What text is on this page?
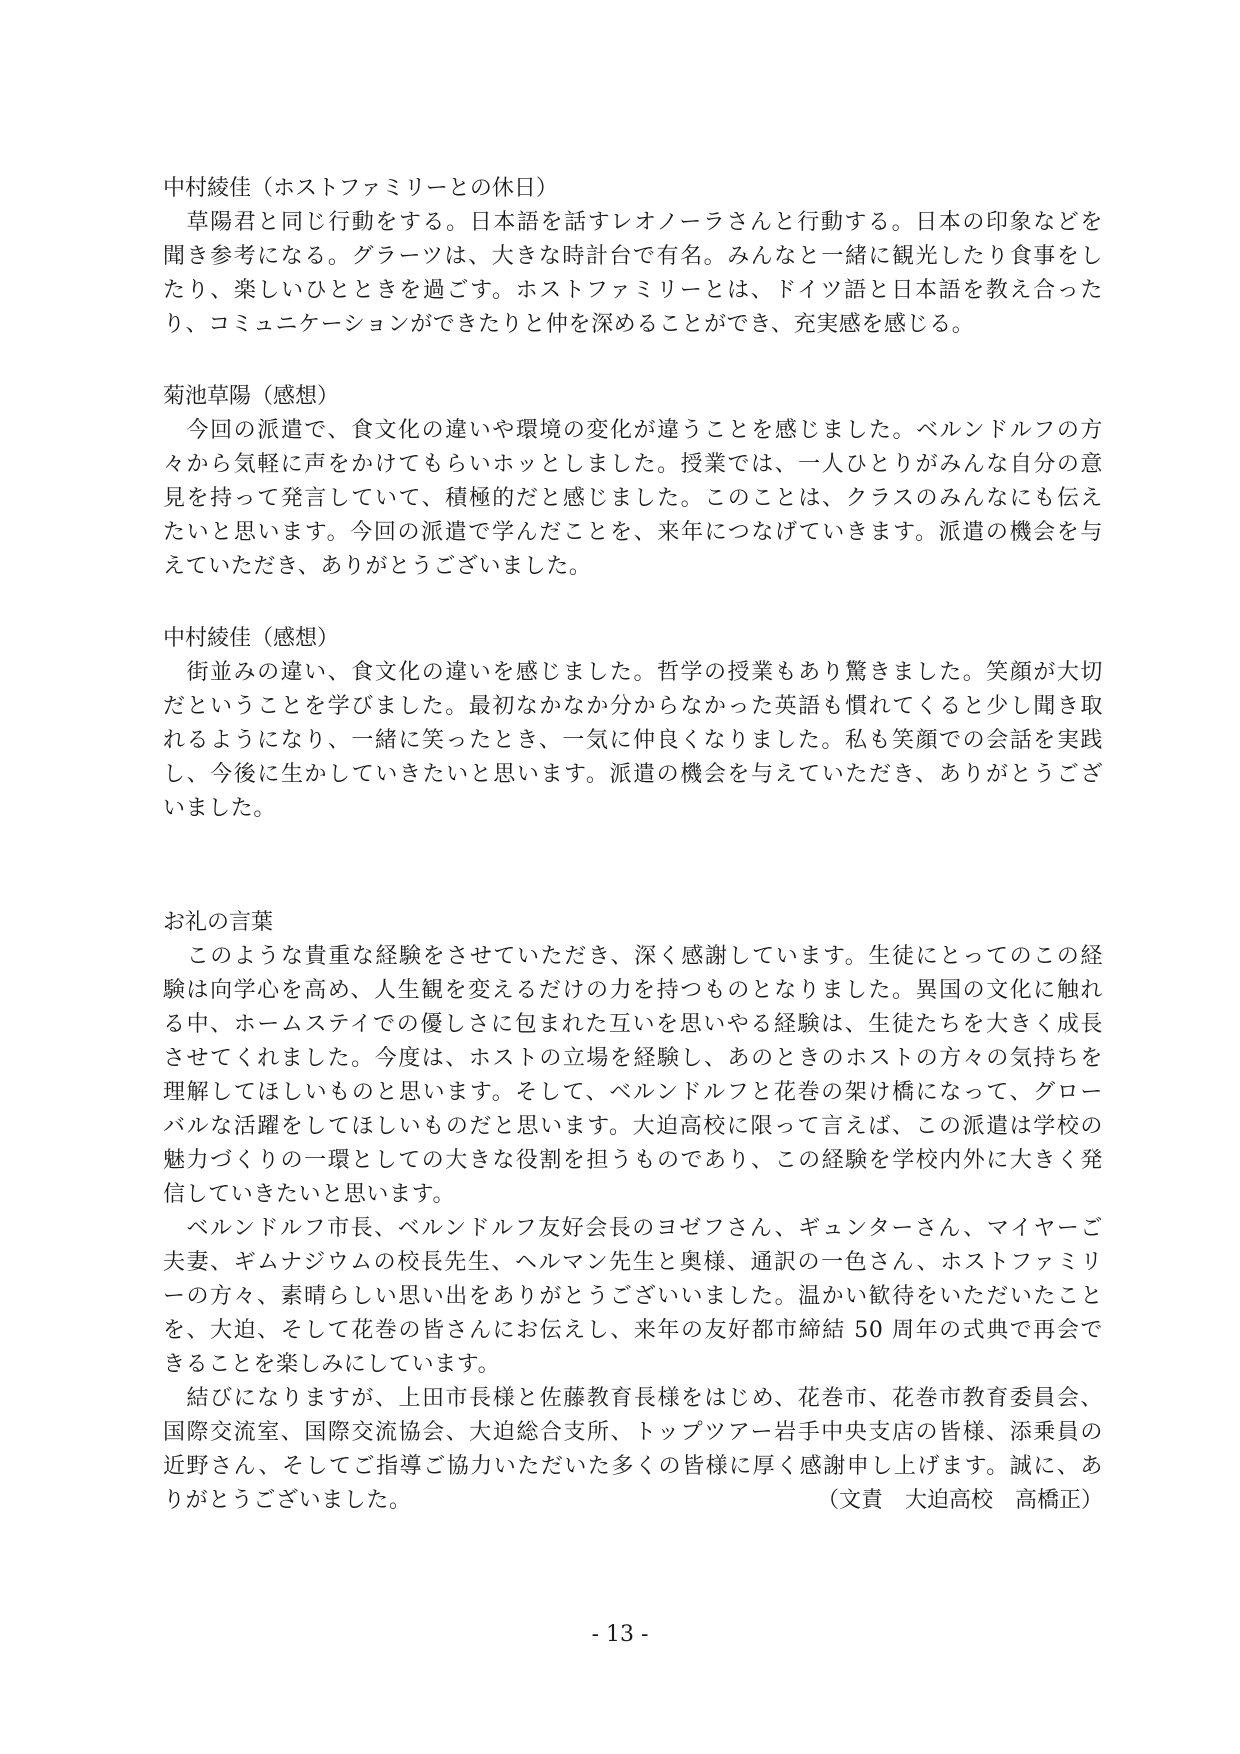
中村綾佳（ホストファミリーとの休日）

　草陽君と同じ行動をする。日本語を話すレオノーラさんと行動する。日本の印象などを

聞き参考になる。グラーツは、大きな時計台で有名。みんなと一緒に観光したり食事をし

たり、楽しいひとときを過ごす。ホストファミリーとは、ドイツ語と日本語を教え合った

り、コミュニケーションができたりと仲を深めることができ、充実感を感じる。

菊池草陽（感想）

　今回の派遣で、食文化の違いや環境の変化が違うことを感じました。ベルンドルフの方

々から気軽に声をかけてもらいホッとしました。授業では、一人ひとりがみんな自分の意

見を持って発言していて、積極的だと感じました。このことは、クラスのみんなにも伝え

たいと思います。今回の派遣で学んだことを、来年につなげていきます。派遣の機会を与

えていただき、ありがとうございました。

中村綾佳（感想）

　街並みの違い、食文化の違いを感じました。哲学の授業もあり驚きました。笑顔が大切

だということを学びました。最初なかなか分からなかった英語も慣れてくると少し聞き取

れるようになり、一緒に笑ったとき、一気に仲良くなりました。私も笑顔での会話を実践

し、今後に生かしていきたいと思います。派遣の機会を与えていただき、ありがとうござ

いました。

お礼の言葉

　このような貴重な経験をさせていただき、深く感謝しています。生徒にとってのこの経

験は向学心を高め、人生観を変えるだけの力を持つものとなりました。異国の文化に触れ

る中、ホームステイでの優しさに包まれた互いを思いやる経験は、生徒たちを大きく成長

させてくれました。今度は、ホストの立場を経験し、あのときのホストの方々の気持ちを

理解してほしいものと思います。そして、ベルンドルフと花巻の架け橋になって、グロー

バルな活躍をしてほしいものだと思います。大迫高校に限って言えば、この派遣は学校の

魅力づくりの一環としての大きな役割を担うものであり、この経験を学校内外に大きく発

信していきたいと思います。

　ベルンドルフ市長、ベルンドルフ友好会長のヨゼフさん、ギュンターさん、マイヤーご

夫妻、ギムナジウムの校長先生、ヘルマン先生と奥様、通訳の一色さん、ホストファミリ

ーの方々、素晴らしい思い出をありがとうございいました。温かい歓待をいただいたこと

を、大迫、そして花巻の皆さんにお伝えし、来年の友好都市締結 50 周年の式典で再会で

きることを楽しみにしています。

　結びになりますが、上田市長様と佐藤教育長様をはじめ、花巻市、花巻市教育委員会、

国際交流室、国際交流協会、大迫総合支所、トップツアー岩手中央支店の皆様、添乗員の

近野さん、そしてご指導ご協力いただいた多くの皆様に厚く感謝申し上げます。誠に、あ

りがとうございました。	（文責　大迫高校　高橋正）
- 13 -
